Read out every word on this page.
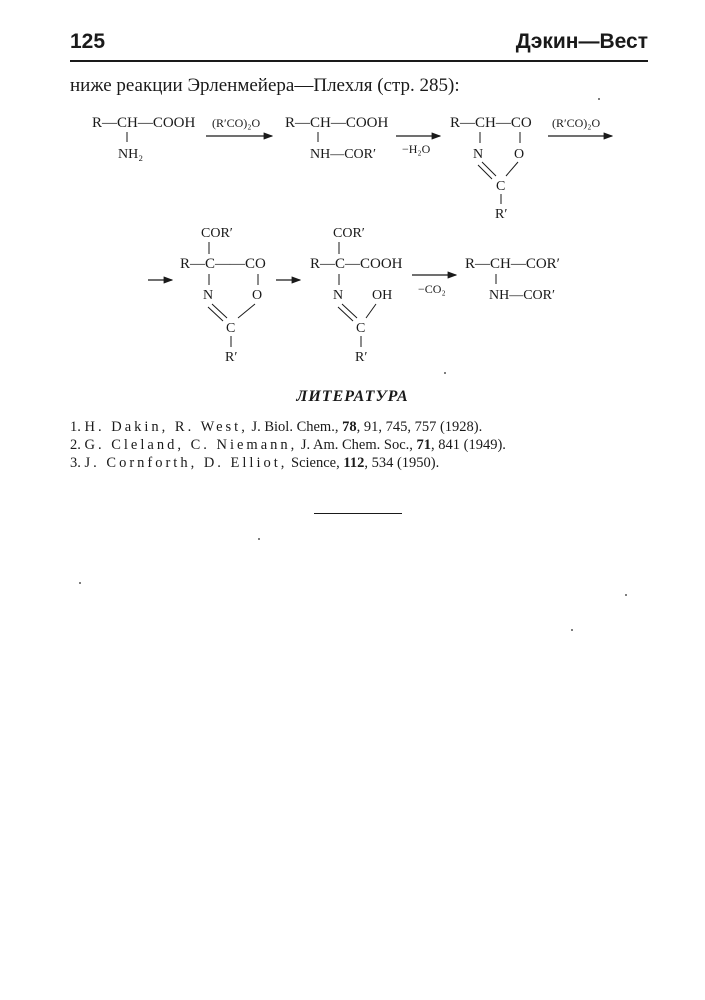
125	Дэкин—Вест
ниже реакции Эрленмейера—Плехля (стр. 285):
R—CH—COOH
NH₂
(R′CO)₂O R—CH—COOH
NH—COR′ −H₂O
R—CH—CO
N O
C
R′
(R′CO)₂O
COR′
R—C——CO
N	O
C
R′
COR′
R—C—COOH
N OH
C
R′
−CO₂
R—CH—COR′
NH—COR′
ЛИТЕРАТУРА
1. H. Dakin, R. West, J. Biol. Chem., 78, 91, 745, 757 (1928).
2. G. Cleland, C. Niemann, J. Am. Chem. Soc., 71, 841 (1949).
3. J. Cornforth, D. Elliot, Science, 112, 534 (1950).
